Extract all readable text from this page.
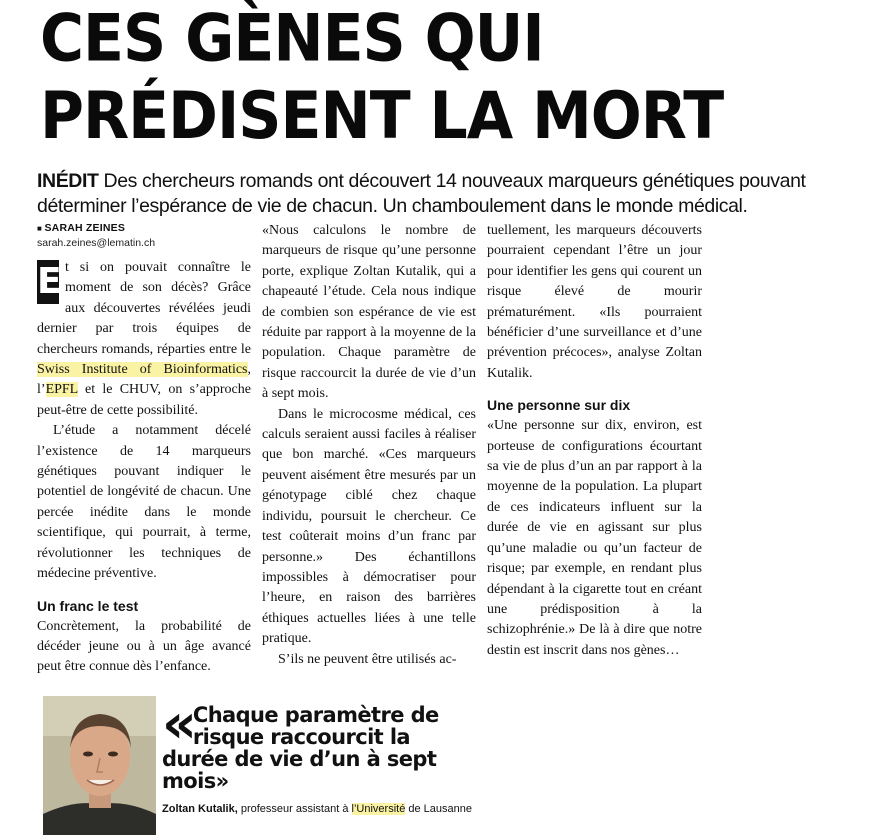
CES GÈNES QUI
PRÉDISENT LA MORT
INÉDIT Des chercheurs romands ont découvert 14 nouveaux marqueurs génétiques pouvant déterminer l’espérance de vie de chacun. Un chamboulement dans le monde médical.
■ SARAH ZEINES
sarah.zeines@lematin.ch

E t si on pouvait connaître le moment de son décès? Grâce aux découvertes révélées jeudi dernier par trois équipes de chercheurs romands, réparties entre le Swiss Institute of Bioinformatics, l’EPFL et le CHUV, on s’approche peut-être de cette possibilité.

L’étude a notamment décelé l’existence de 14 marqueurs génétiques pouvant indiquer le potentiel de longévité de chacun. Une percée inédite dans le monde scientifique, qui pourrait, à terme, révolutionner les techniques de médecine préventive.

Un franc le test

Concrètement, la probabilité de décéder jeune ou à un âge avancé peut être connue dès l’enfance.

«Nous calculons le nombre de marqueurs de risque qu’une personne porte, explique Zoltan Kutalik, qui a chapeauté l’étude. Cela nous indique de combien son espérance de vie est réduite par rapport à la moyenne de la population. Chaque paramètre de risque raccourcit la durée de vie d’un à sept mois.

Dans le microcosme médical, ces calculs seraient aussi faciles à réaliser que bon marché. «Ces marqueurs peuvent aisément être mesurés par un génotypage ciblé chez chaque individu, poursuit le chercheur. Ce test coûterait moins d’un franc par personne.» Des échantillons impossibles à démocratiser pour l’heure, en raison des barrières éthiques actuelles liées à une telle pratique.

S’ils ne peuvent être utilisés ac-

tuellement, les marqueurs découverts pourraient cependant l’être un jour pour identifier les gens qui courent un risque élevé de mourir prématurément. «Ils pourraient bénéficier d’une surveillance et d’une prévention précoces», analyse Zoltan Kutalik.

Une personne sur dix

«Une personne sur dix, environ, est porteuse de configurations écourtant sa vie de plus d’un an par rapport à la moyenne de la population. La plupart de ces indicateurs influent sur la durée de vie en agissant sur plus qu’une maladie ou qu’un facteur de risque; par exemple, en rendant plus dépendant à la cigarette tout en créant une prédisposition à la schizophrénie.» De là à dire que notre destin est inscrit dans nos gènes…

« Chaque paramètre de risque raccourcit la durée de vie d’un à sept mois»
Zoltan Kutalik, professeur assistant à l’Université de Lausanne
